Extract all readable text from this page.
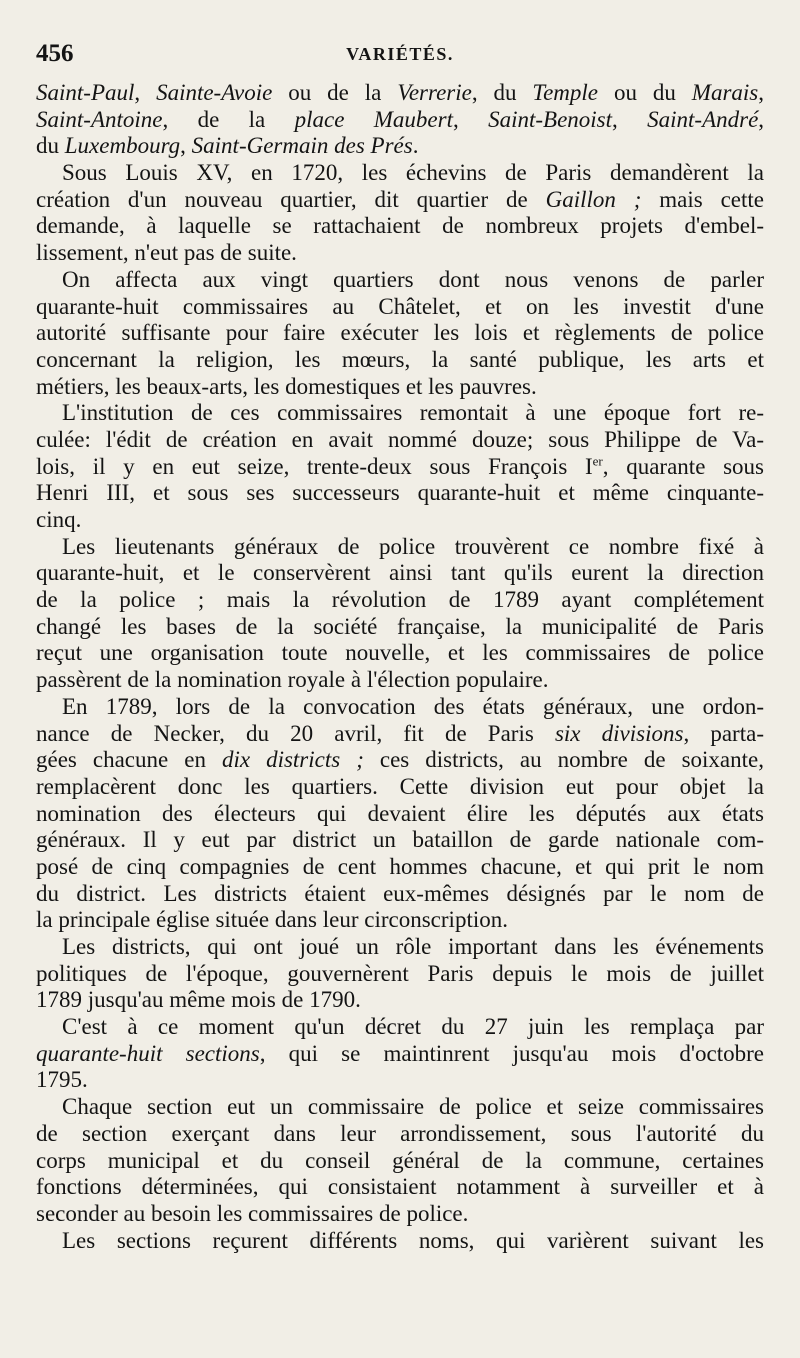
456	VARIÉTÉS.
Saint-Paul, Sainte-Avoie ou de la Verrerie, du Temple ou du Marais,
Saint-Antoine, de la place Maubert, Saint-Benoist, Saint-André,
du Luxembourg, Saint-Germain des Prés.
Sous Louis XV, en 1720, les échevins de Paris demandèrent la
création d'un nouveau quartier, dit quartier de Gaillon ; mais cette
demande, à laquelle se rattachaient de nombreux projets d'embel-
lissement, n'eut pas de suite.
On affecta aux vingt quartiers dont nous venons de parler
quarante-huit commissaires au Châtelet, et on les investit d'une
autorité suffisante pour faire exécuter les lois et règlements de police
concernant la religion, les mœurs, la santé publique, les arts et
métiers, les beaux-arts, les domestiques et les pauvres.
L'institution de ces commissaires remontait à une époque fort re-
culée: l'édit de création en avait nommé douze; sous Philippe de Va-
lois, il y en eut seize, trente-deux sous François Ier, quarante sous
Henri III, et sous ses successeurs quarante-huit et même cinquante-
cinq.
Les lieutenants généraux de police trouvèrent ce nombre fixé à
quarante-huit, et le conservèrent ainsi tant qu'ils eurent la direction
de la police ; mais la révolution de 1789 ayant complétement
changé les bases de la société française, la municipalité de Paris
reçut une organisation toute nouvelle, et les commissaires de police
passèrent de la nomination royale à l'élection populaire.
En 1789, lors de la convocation des états généraux, une ordon-
nance de Necker, du 20 avril, fit de Paris six divisions, parta-
gées chacune en dix districts ; ces districts, au nombre de soixante,
remplacèrent donc les quartiers. Cette division eut pour objet la
nomination des électeurs qui devaient élire les députés aux états
généraux. Il y eut par district un bataillon de garde nationale com-
posé de cinq compagnies de cent hommes chacune, et qui prit le nom
du district. Les districts étaient eux-mêmes désignés par le nom de
la principale église située dans leur circonscription.
Les districts, qui ont joué un rôle important dans les événements
politiques de l'époque, gouvernèrent Paris depuis le mois de juillet
1789 jusqu'au même mois de 1790.
C'est à ce moment qu'un décret du 27 juin les remplaça par
quarante-huit sections, qui se maintinrent jusqu'au mois d'octobre
1795.
Chaque section eut un commissaire de police et seize commissaires
de section exerçant dans leur arrondissement, sous l'autorité du
corps municipal et du conseil général de la commune, certaines
fonctions déterminées, qui consistaient notamment à surveiller et à
seconder au besoin les commissaires de police.
Les sections reçurent différents noms, qui varièrent suivant les
